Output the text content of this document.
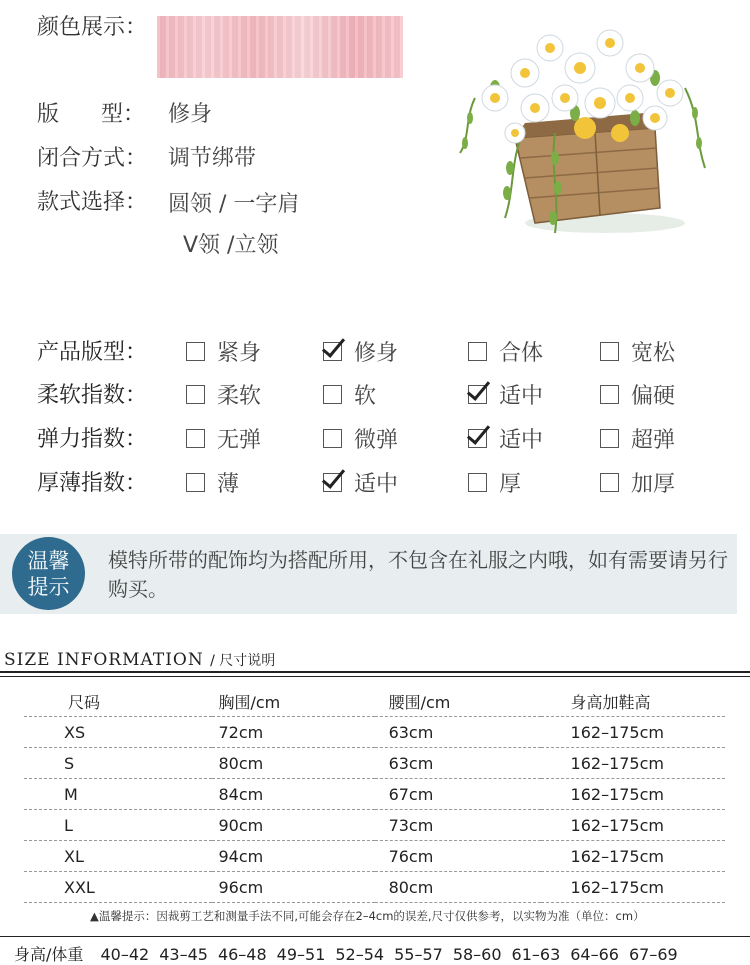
颜色展示：
版      型： 修身
闭合方式： 调节绑带
款式选择： 圆领 / 一字肩
V领 /立领
产品版型：	紧身	修身	合体	宽松
柔软指数：	柔软	软	适中	偏硬
弹力指数：	无弹	微弹	适中	超弹
厚薄指数：	薄	适中	厚	加厚
温馨
提示
模特所带的配饰均为搭配所用，不包含在礼服之内哦，如有需要请另行购买。
SIZE INFORMATION / 尺寸说明
尺码	胸围/cm	腰围/cm	身高加鞋高
XS	72cm	63cm	162–175cm
S	80cm	63cm	162–175cm
M	84cm	67cm	162–175cm
L	90cm	73cm	162–175cm
XL	94cm	76cm	162–175cm
XXL	96cm	80cm	162–175cm
▲温馨提示：因裁剪工艺和测量手法不同,可能会存在2–4cm的误差,尺寸仅供参考，以实物为准（单位：cm）
身高/体重 40–42 43–45 46–48 49–51 52–54 55–57 58–60 61–63 64–66 67–69
